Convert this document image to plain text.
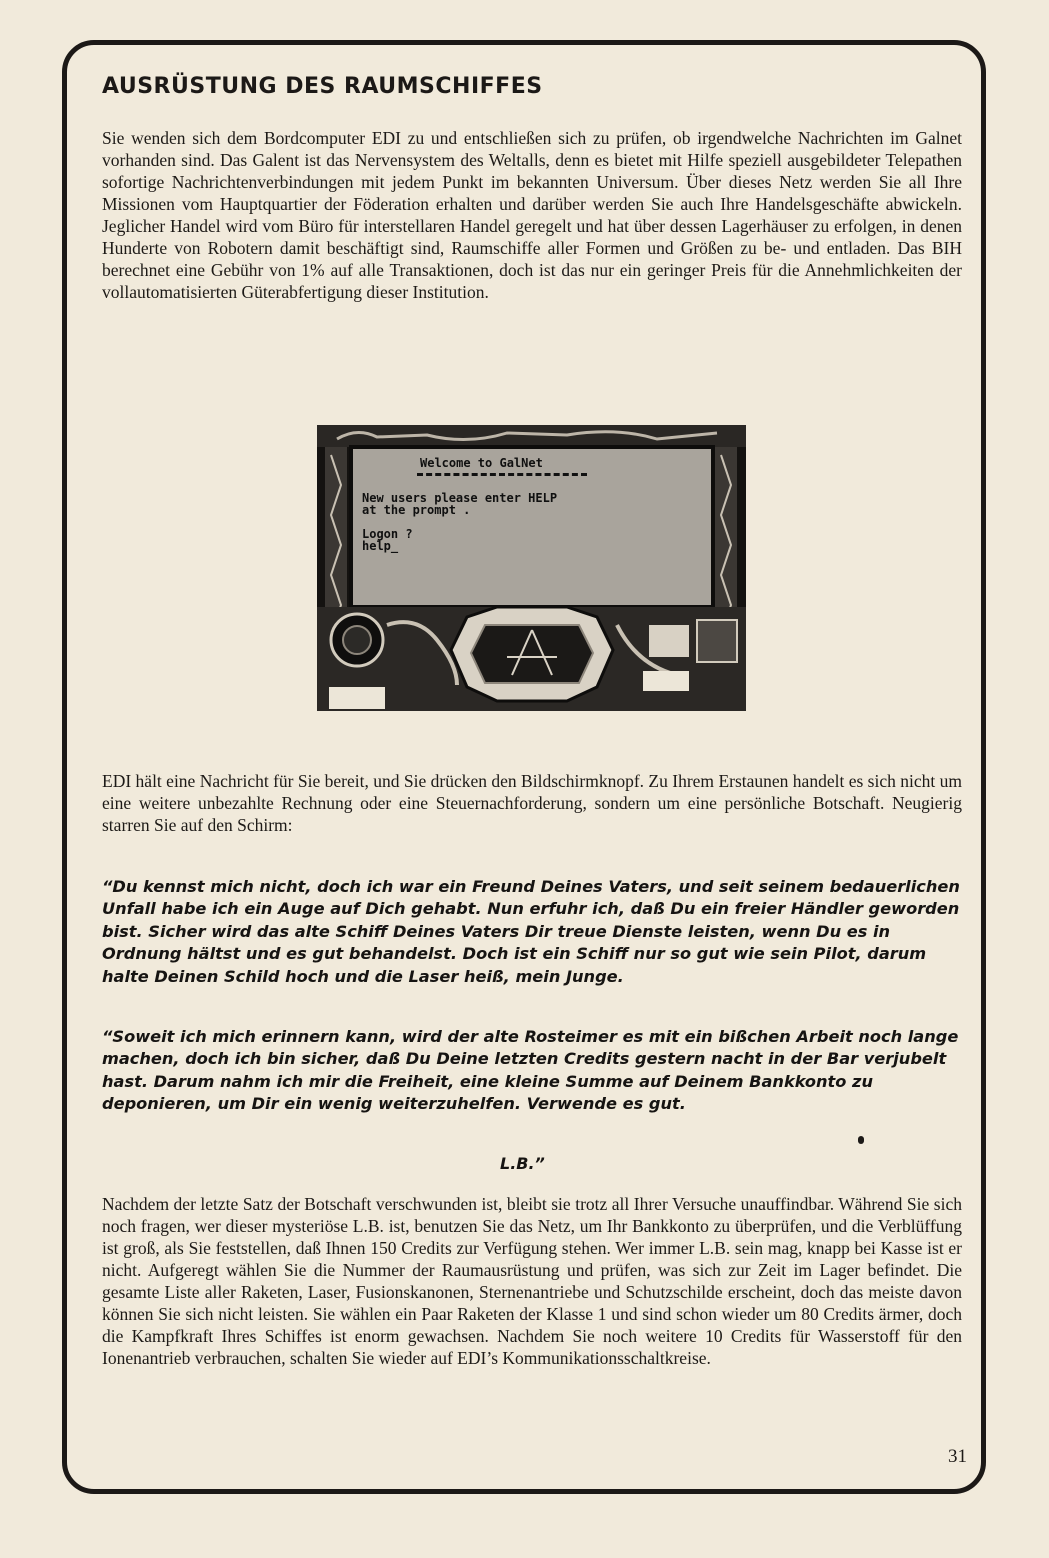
AUSRÜSTUNG DES RAUMSCHIFFES

Sie wenden sich dem Bordcomputer EDI zu und entschließen sich zu prüfen, ob irgendwelche Nachrichten im Galnet vorhanden sind. Das Galent ist das Nervensystem des Weltalls, denn es bietet mit Hilfe speziell ausgebildeter Telepathen sofortige Nachrichtenverbindungen mit jedem Punkt im bekannten Universum. Über dieses Netz werden Sie all Ihre Missionen vom Hauptquartier der Föderation erhalten und darüber werden Sie auch Ihre Handelsgeschäfte abwickeln. Jeglicher Handel wird vom Büro für interstellaren Handel geregelt und hat über dessen Lagerhäuser zu erfolgen, in denen Hunderte von Robotern damit beschäftigt sind, Raumschiffe aller Formen und Größen zu be- und entladen. Das BIH berechnet eine Gebühr von 1% auf alle Transaktionen, doch ist das nur ein geringer Preis für die Annehmlichkeiten der vollautomatisierten Güterabfertigung dieser Institution.

Welcome to GalNet
New users please enter HELP
at the prompt .
Logon ?
help_

EDI hält eine Nachricht für Sie bereit, und Sie drücken den Bildschirmknopf. Zu Ihrem Erstaunen handelt es sich nicht um eine weitere unbezahlte Rechnung oder eine Steuernachforderung, sondern um eine persönliche Botschaft. Neugierig starren Sie auf den Schirm:

“Du kennst mich nicht, doch ich war ein Freund Deines Vaters, und seit seinem bedauerlichen Unfall habe ich ein Auge auf Dich gehabt. Nun erfuhr ich, daß Du ein freier Händler geworden bist. Sicher wird das alte Schiff Deines Vaters Dir treue Dienste leisten, wenn Du es in Ordnung hältst und es gut behandelst. Doch ist ein Schiff nur so gut wie sein Pilot, darum halte Deinen Schild hoch und die Laser heiß, mein Junge.

“Soweit ich mich erinnern kann, wird der alte Rosteimer es mit ein bißchen Arbeit noch lange machen, doch ich bin sicher, daß Du Deine letzten Credits gestern nacht in der Bar verjubelt hast. Darum nahm ich mir die Freiheit, eine kleine Summe auf Deinem Bankkonto zu deponieren, um Dir ein wenig weiterzuhelfen. Verwende es gut.

L.B.”

Nachdem der letzte Satz der Botschaft verschwunden ist, bleibt sie trotz all Ihrer Versuche unauffindbar. Während Sie sich noch fragen, wer dieser mysteriöse L.B. ist, benutzen Sie das Netz, um Ihr Bankkonto zu überprüfen, und die Verblüffung ist groß, als Sie feststellen, daß Ihnen 150 Credits zur Verfügung stehen. Wer immer L.B. sein mag, knapp bei Kasse ist er nicht. Aufgeregt wählen Sie die Nummer der Raumausrüstung und prüfen, was sich zur Zeit im Lager befindet. Die gesamte Liste aller Raketen, Laser, Fusionskanonen, Sternenantriebe und Schutzschilde erscheint, doch das meiste davon können Sie sich nicht leisten. Sie wählen ein Paar Raketen der Klasse 1 und sind schon wieder um 80 Credits ärmer, doch die Kampfkraft Ihres Schiffes ist enorm gewachsen. Nachdem Sie noch weitere 10 Credits für Wasserstoff für den Ionenantrieb verbrauchen, schalten Sie wieder auf EDI’s Kommunikationsschaltkreise.

31
